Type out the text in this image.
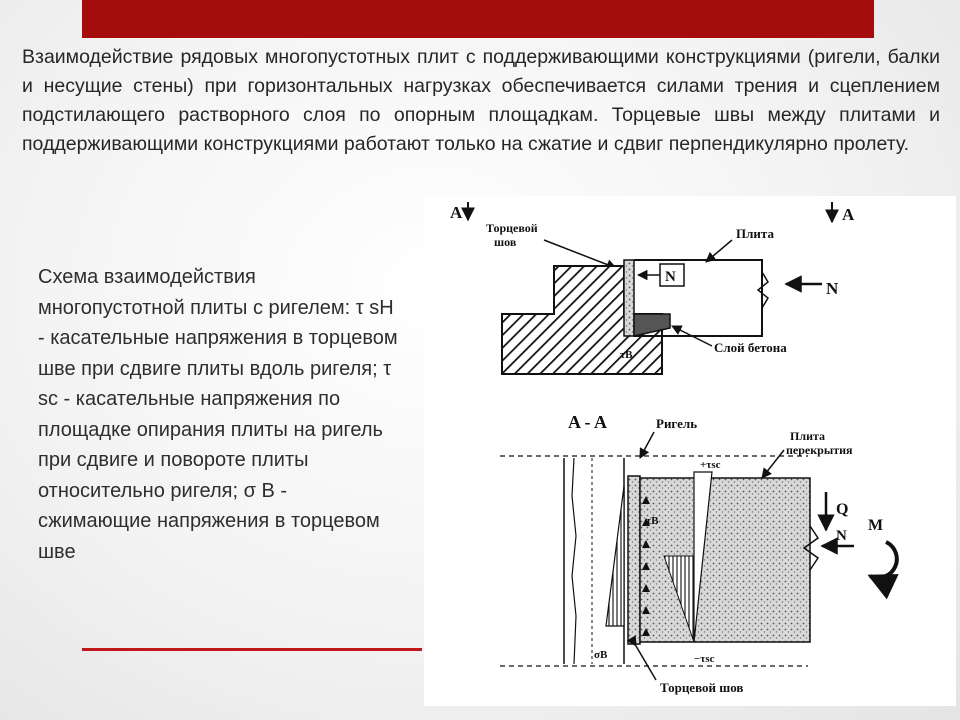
Взаимодействие рядовых многопустотных плит с поддерживающими конструкциями (ригели, балки и несущие стены) при горизонтальных нагрузках обеспечивается силами трения и сцеплением подстилающего растворного слоя по опорным площадкам. Торцевые швы между плитами и поддерживающими конструкциями работают только на сжатие и сдвиг перпендикулярно пролету.

Схема взаимодействия многопустотной плиты с ригелем: τ sH - касательные напряжения в торцевом шве при сдвиге плиты вдоль ригеля; τ sc - касательные напряжения по площадке опирания плиты на ригель при сдвиге и повороте плиты относительно ригеля; σ В - сжимающие напряжения в торцевом шве

A	A
Торцевой
шов
Плита
N
N
Слой бетона
τB
A - A	Ригель
Плита
перекрытия
+τsc
−τsc
τB
Q
N
M
σB
Торцевой шов
